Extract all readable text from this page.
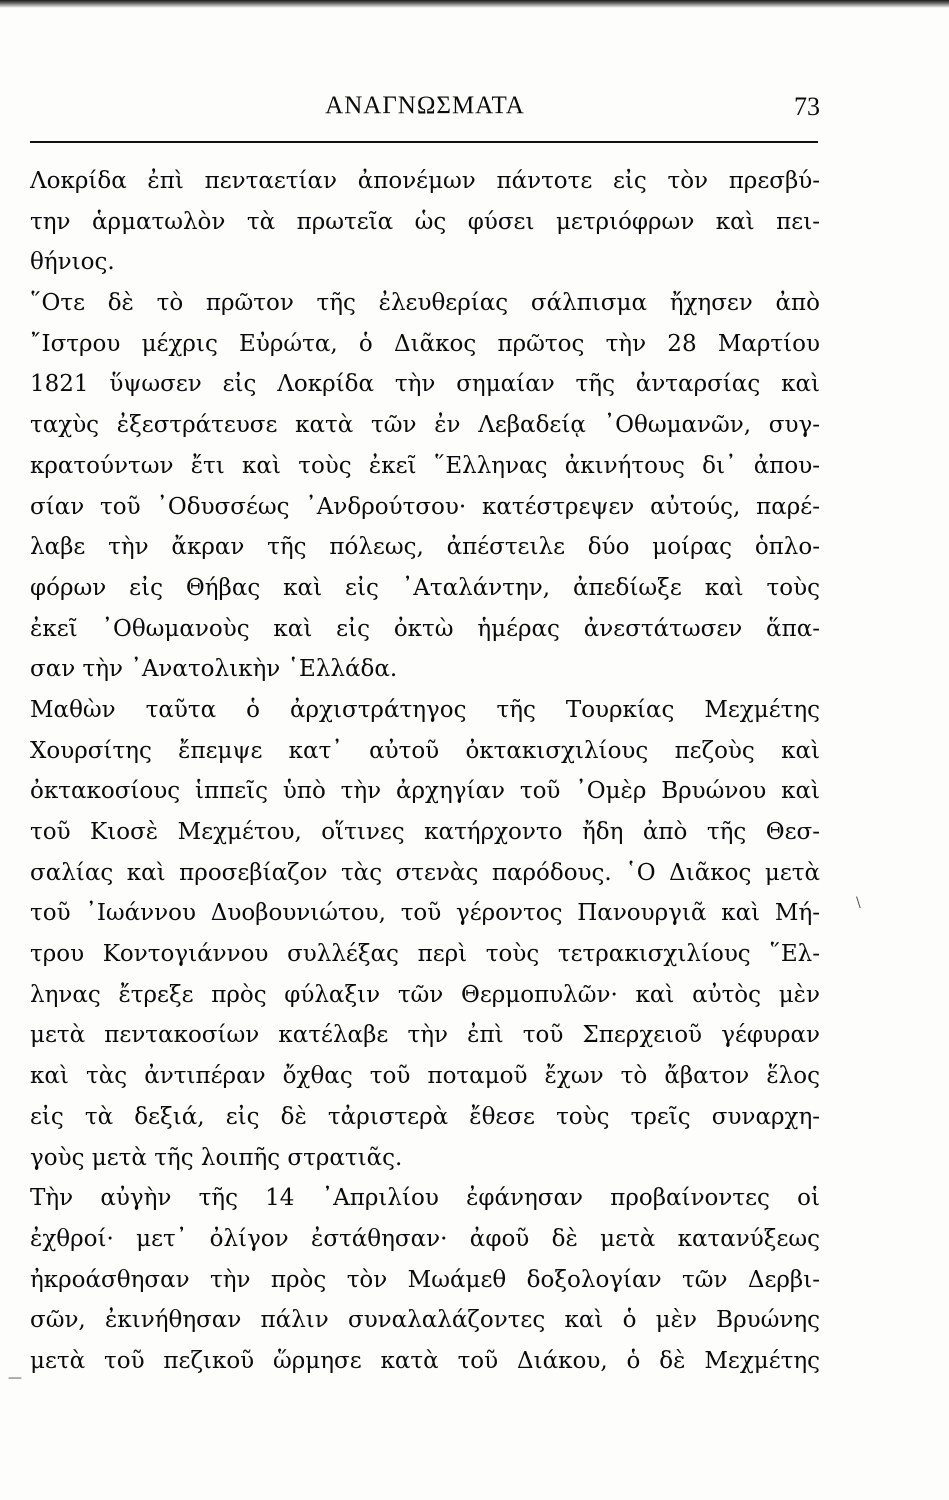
ΑΝΑΓΝΩΣΜΑΤΑ	73
Λοκρίδα ἐπὶ πενταετίαν ἀπονέμων πάντοτε εἰς τὸν πρεσβύ-
την ἁρματωλὸν τὰ πρωτεῖα ὡς φύσει μετριόφρων καὶ πει-
θήνιος.
῞Οτε δὲ τὸ πρῶτον τῆς ἐλευθερίας σάλπισμα ἤχησεν ἀπὸ
῎Ιστρου μέχρις Εὐρώτα, ὁ Διᾶκος πρῶτος τὴν 28 Μαρτίου
1821 ὕψωσεν εἰς Λοκρίδα τὴν σημαίαν τῆς ἀνταρσίας καὶ
ταχὺς ἐξεστράτευσε κατὰ τῶν ἐν Λεβαδείᾳ ᾿Οθωμανῶν, συγ-
κρατούντων ἔτι καὶ τοὺς ἐκεῖ ῞Ελληνας ἀκινήτους δι᾿ ἀπου-
σίαν τοῦ ᾿Οδυσσέως ᾿Ανδρούτσου· κατέστρεψεν αὐτούς, παρέ-
λαβε τὴν ἄκραν τῆς πόλεως, ἀπέστειλε δύο μοίρας ὁπλο-
φόρων εἰς Θήβας καὶ εἰς ᾿Αταλάντην, ἀπεδίωξε καὶ τοὺς
ἐκεῖ ᾿Οθωμανοὺς καὶ εἰς ὀκτὼ ἡμέρας ἀνεστάτωσεν ἅπα-
σαν τὴν ᾿Ανατολικὴν ῾Ελλάδα.
Μαθὼν ταῦτα ὁ ἀρχιστράτηγος τῆς Τουρκίας Μεχμέτης
Χουρσίτης ἔπεμψε κατ᾿ αὐτοῦ ὀκτακισχιλίους πεζοὺς καὶ
ὀκτακοσίους ἱππεῖς ὑπὸ τὴν ἀρχηγίαν τοῦ ᾿Ομὲρ Βρυώνου καὶ
τοῦ Κιοσὲ Μεχμέτου, οἵτινες κατήρχοντο ἤδη ἀπὸ τῆς Θεσ-
σαλίας καὶ προσεβίαζον τὰς στενὰς παρόδους. ῾Ο Διᾶκος μετὰ
τοῦ ᾿Ιωάννου Δυοβουνιώτου, τοῦ γέροντος Πανουργιᾶ καὶ Μή-
τρου Κοντογιάννου συλλέξας περὶ τοὺς τετρακισχιλίους ῞Ελ-
ληνας ἔτρεξε πρὸς φύλαξιν τῶν Θερμοπυλῶν· καὶ αὐτὸς μὲν
μετὰ πεντακοσίων κατέλαβε τὴν ἐπὶ τοῦ Σπερχειοῦ γέφυραν
καὶ τὰς ἀντιπέραν ὄχθας τοῦ ποταμοῦ ἔχων τὸ ἄβατον ἕλος
εἰς τὰ δεξιά, εἰς δὲ τἀριστερὰ ἔθεσε τοὺς τρεῖς συναρχη-
γοὺς μετὰ τῆς λοιπῆς στρατιᾶς.
Τὴν αὐγὴν τῆς 14 ᾿Απριλίου ἐφάνησαν προβαίνοντες οἱ
ἐχθροί· μετ᾿ ὀλίγον ἐστάθησαν· ἀφοῦ δὲ μετὰ κατανύξεως
ἠκροάσθησαν τὴν πρὸς τὸν Μωάμεθ δοξολογίαν τῶν Δερβι-
σῶν, ἐκινήθησαν πάλιν συναλαλάζοντες καὶ ὁ μὲν Βρυώνης
μετὰ τοῦ πεζικοῦ ὥρμησε κατὰ τοῦ Διάκου, ὁ δὲ Μεχμέτης
—
\
